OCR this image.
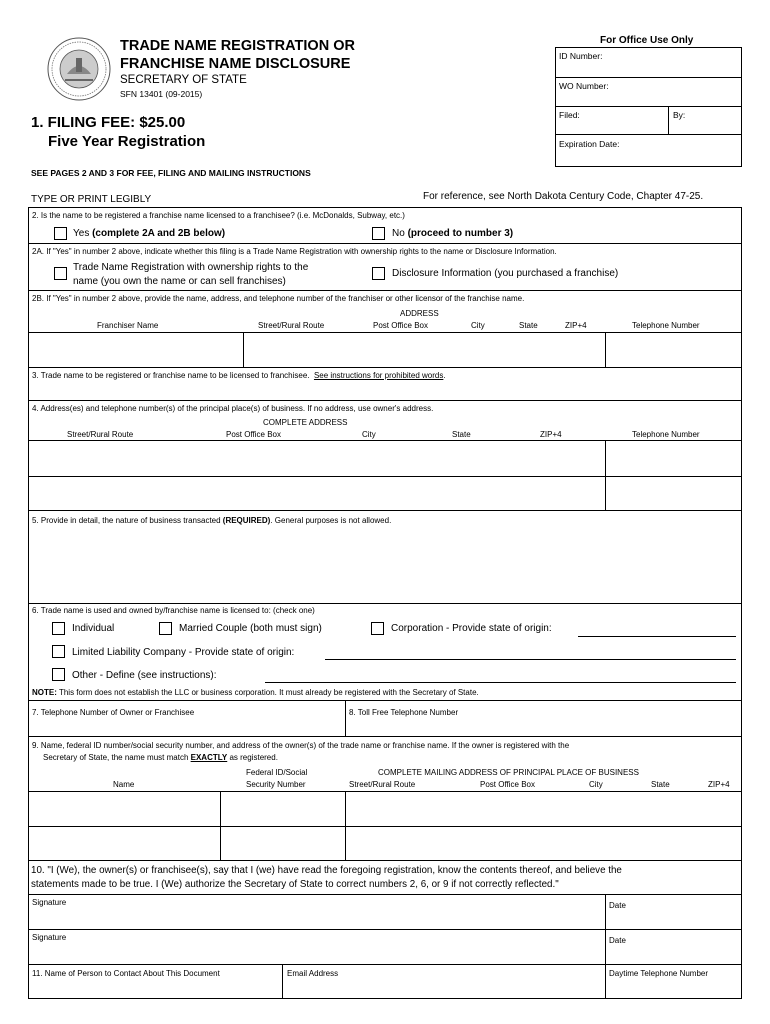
TRADE NAME REGISTRATION OR
FRANCHISE NAME DISCLOSURE
SECRETARY OF STATE
SFN 13401 (09-2015)
1. FILING FEE: $25.00
Five Year Registration
For Office Use Only
ID Number:
WO Number:
Filed:	By:
Expiration Date:
SEE PAGES 2 AND 3 FOR FEE, FILING AND MAILING INSTRUCTIONS
TYPE OR PRINT LEGIBLY	For reference, see North Dakota Century Code, Chapter 47-25.
2. Is the name to be registered a franchise name licensed to a franchisee? (i.e. McDonalds, Subway, etc.)
Yes (complete 2A and 2B below)	No (proceed to number 3)
2A. If "Yes" in number 2 above, indicate whether this filing is a Trade Name Registration with ownership rights to the name or Disclosure Information.
Trade Name Registration with ownership rights to the
name (you own the name or can sell franchises)
Disclosure Information (you purchased a franchise)
2B. If "Yes" in number 2 above, provide the name, address, and telephone number of the franchiser or other licensor of the franchise name.
ADDRESS
Franchiser Name	Street/Rural Route	Post Office Box	City	State	ZIP+4	Telephone Number
3. Trade name to be registered or franchise name to be licensed to franchisee. See instructions for prohibited words.
4. Address(es) and telephone number(s) of the principal place(s) of business. If no address, use owner's address.
COMPLETE ADDRESS
Street/Rural Route	Post Office Box	City	State	ZIP+4	Telephone Number
5. Provide in detail, the nature of business transacted (REQUIRED). General purposes is not allowed.
6. Trade name is used and owned by/franchise name is licensed to: (check one)
Individual	Married Couple (both must sign)	Corporation - Provide state of origin:
Limited Liability Company - Provide state of origin:
Other - Define (see instructions):
NOTE: This form does not establish the LLC or business corporation. It must already be registered with the Secretary of State.
7. Telephone Number of Owner or Franchisee	8. Toll Free Telephone Number
9. Name, federal ID number/social security number, and address of the owner(s) of the trade name or franchise name. If the owner is registered with the
Secretary of State, the name must match EXACTLY as registered.
Federal ID/Social	COMPLETE MAILING ADDRESS OF PRINCIPAL PLACE OF BUSINESS
Name	Security Number	Street/Rural Route	Post Office Box	City	State	ZIP+4
10. "I (We), the owner(s) or franchisee(s), say that I (we) have read the foregoing registration, know the contents thereof, and believe the
statements made to be true. I (We) authorize the Secretary of State to correct numbers 2, 6, or 9 if not correctly reflected."
Signature	Date
Signature	Date
11. Name of Person to Contact About This Document	Email Address	Daytime Telephone Number
